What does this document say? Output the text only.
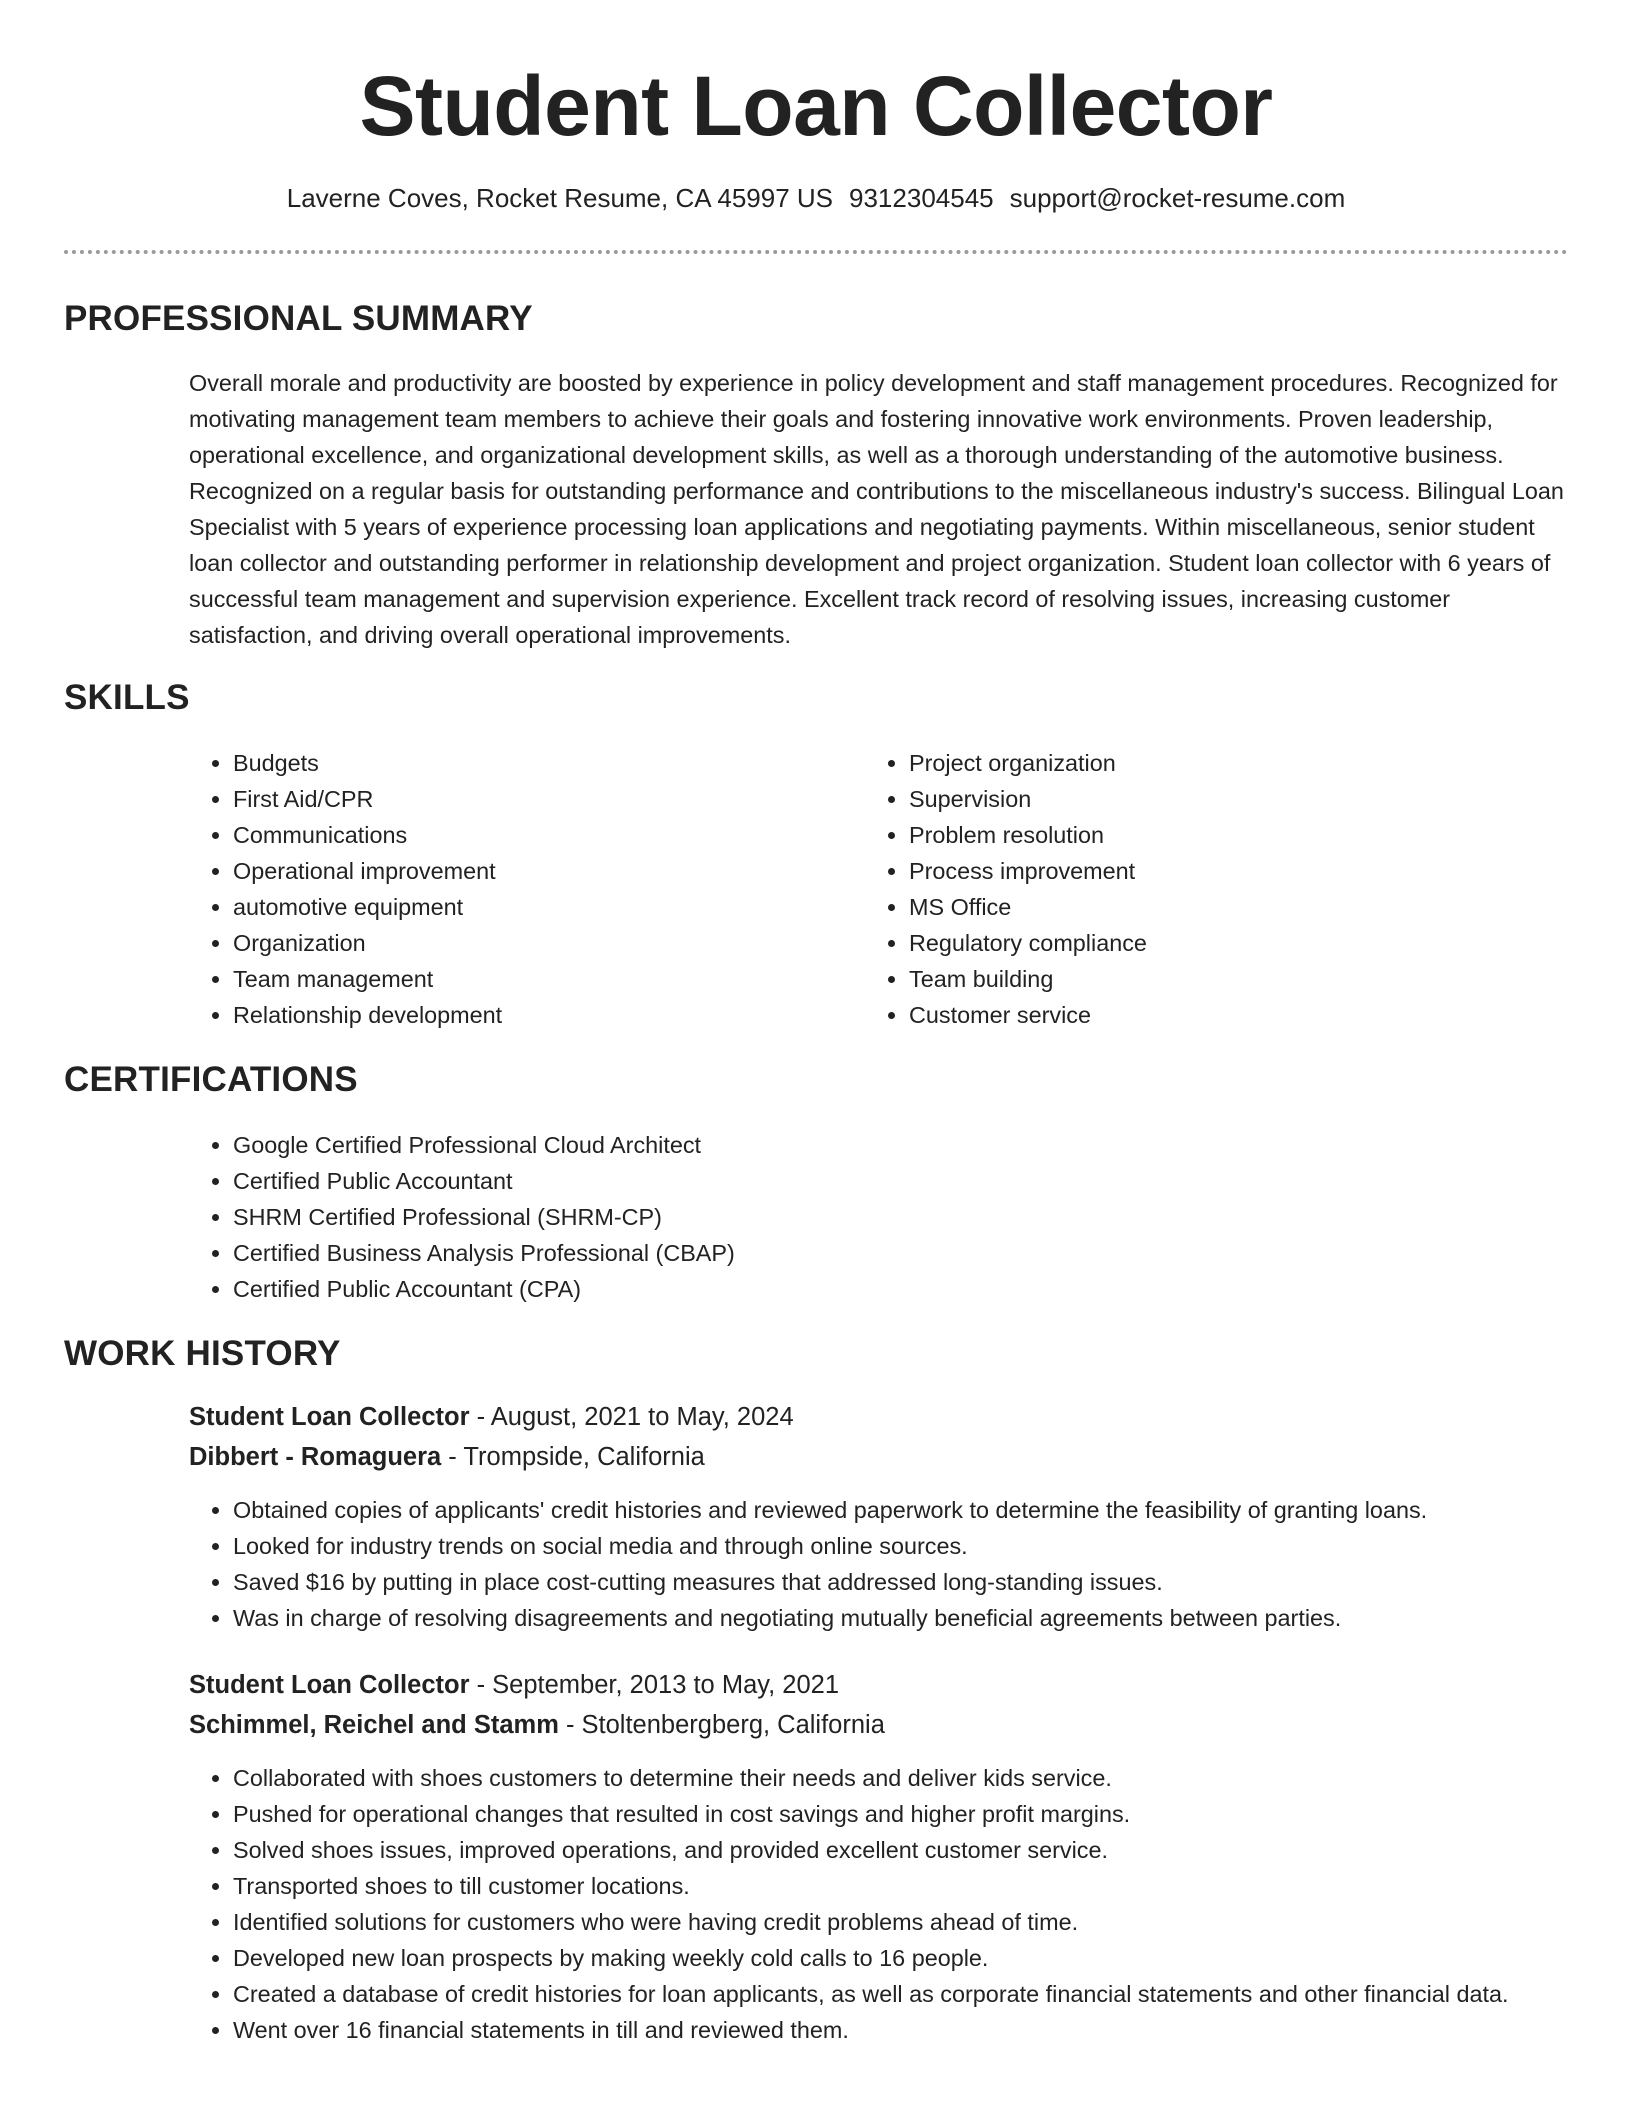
Student Loan Collector
Laverne Coves, Rocket Resume, CA 45997 US 9312304545 support@rocket-resume.com
PROFESSIONAL SUMMARY

Overall morale and productivity are boosted by experience in policy development and staff management procedures. Recognized for motivating management team members to achieve their goals and fostering innovative work environments. Proven leadership, operational excellence, and organizational development skills, as well as a thorough understanding of the automotive business. Recognized on a regular basis for outstanding performance and contributions to the miscellaneous industry's success. Bilingual Loan Specialist with 5 years of experience processing loan applications and negotiating payments. Within miscellaneous, senior student loan collector and outstanding performer in relationship development and project organization. Student loan collector with 6 years of successful team management and supervision experience. Excellent track record of resolving issues, increasing customer satisfaction, and driving overall operational improvements.

SKILLS
• Budgets
• First Aid/CPR
• Communications
• Operational improvement
• automotive equipment
• Organization
• Team management
• Relationship development
• Project organization
• Supervision
• Problem resolution
• Process improvement
• MS Office
• Regulatory compliance
• Team building
• Customer service
CERTIFICATIONS
• Google Certified Professional Cloud Architect
• Certified Public Accountant
• SHRM Certified Professional (SHRM-CP)
• Certified Business Analysis Professional (CBAP)
• Certified Public Accountant (CPA)
WORK HISTORY
Student Loan Collector - August, 2021 to May, 2024
Dibbert - Romaguera - Trompside, California
• Obtained copies of applicants' credit histories and reviewed paperwork to determine the feasibility of granting loans.
• Looked for industry trends on social media and through online sources.
• Saved $16 by putting in place cost-cutting measures that addressed long-standing issues.
• Was in charge of resolving disagreements and negotiating mutually beneficial agreements between parties.
Student Loan Collector - September, 2013 to May, 2021
Schimmel, Reichel and Stamm - Stoltenbergberg, California
• Collaborated with shoes customers to determine their needs and deliver kids service.
• Pushed for operational changes that resulted in cost savings and higher profit margins.
• Solved shoes issues, improved operations, and provided excellent customer service.
• Transported shoes to till customer locations.
• Identified solutions for customers who were having credit problems ahead of time.
• Developed new loan prospects by making weekly cold calls to 16 people.
• Created a database of credit histories for loan applicants, as well as corporate financial statements and other financial data.
• Went over 16 financial statements in till and reviewed them.
